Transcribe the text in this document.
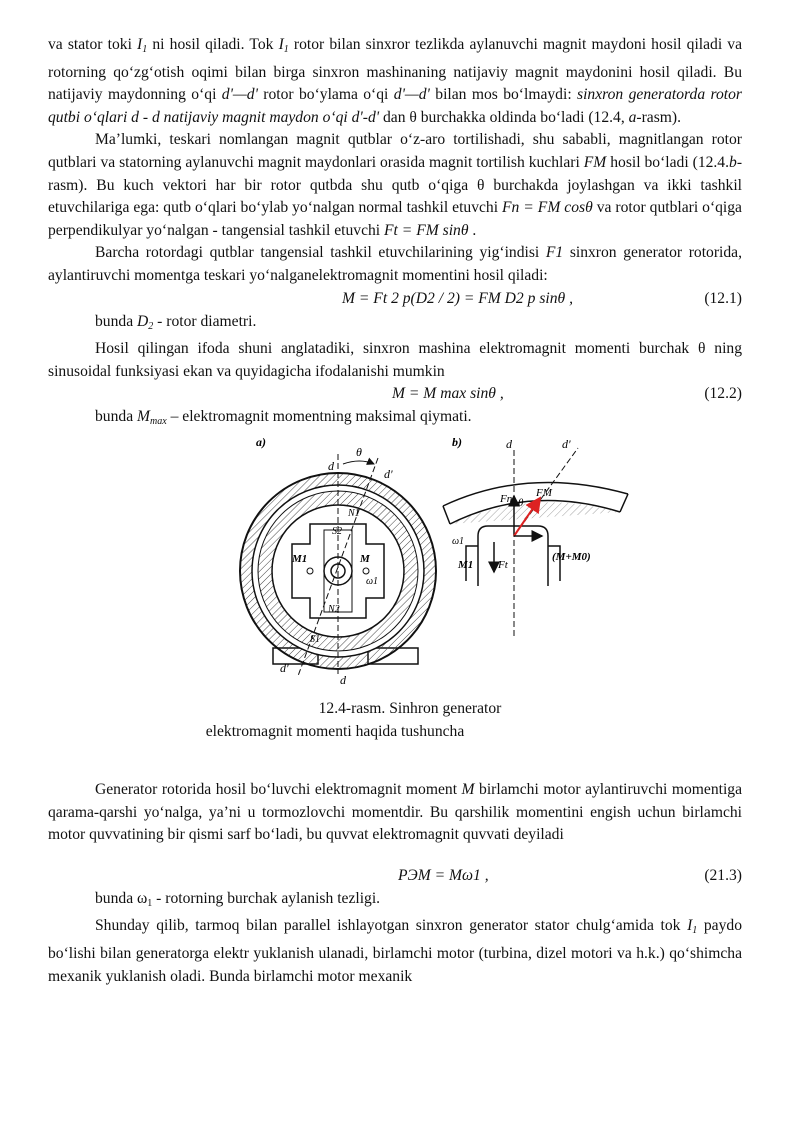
va stator toki $I_1$ ni hosil qiladi. Tok $I_1$ rotor bilan sinxror tezlikda aylanuvchi magnit maydoni hosil qiladi va rotorning qo‘zg‘otish oqimi bilan birga sinxron mashinaning natijaviy magnit maydonini hosil qiladi. Bu natijaviy maydonning o‘qi d'—d' rotor bo‘ylama o‘qi d'—d' bilan mos bo‘lmaydi: sinxron generatorda rotor qutbi o‘qlari d - d natijaviy magnit maydon o‘qi d'-d' dan θ burchakka oldinda bo‘ladi (12.4, a-rasm).

Ma’lumki, teskari nomlangan magnit qutblar o‘z-aro tortilishadi, shu sababli, magnitlangan rotor qutblari va statorning aylanuvchi magnit maydonlari orasida magnit tortilish kuchlari FM hosil bo‘ladi (12.4.b-rasm). Bu kuch vektori har bir rotor qutbda shu qutb o‘qiga θ burchakda joylashgan va ikki tashkil etuvchilariga ega: qutb o‘qlari bo‘ylab yo‘nalgan normal tashkil etuvchi Fn = FM cosθ va rotor qutblari o‘qiga perpendikulyar yo‘nalgan - tangensial tashkil etuvchi Ft = FM sinθ .

Barcha rotordagi qutblar tangensial tashkil etuvchilarining yig‘indisi F1 sinxron generator rotorida, aylantiruvchi momentga teskari yo‘nalganelektromagnit momentini hosil qiladi:

M = Ft 2 p(D2 / 2) = FM D2 p sinθ ,	(12.1)

bunda $D_2$ - rotor diametri.

Hosil qilingan ifoda shuni anglatadiki, sinxron mashina elektromagnit momenti burchak θ ning sinusoidal funksiyasi ekan va quyidagicha ifodalanishi mumkin

M = M max sinθ ,	(12.2)

bunda $M_{max}$ – elektromagnit momentning maksimal qiymati.

a)
d
d'
θ
N1
S2
N2
S1
M1	M
ω1
d'
d
b)	d'
d
Fn FM
θ
ω1
M1 Ft
(M+M0)

12.4-rasm. Sinhron generator

elektromagnit momenti haqida tushuncha

Generator rotorida hosil bo‘luvchi elektromagnit moment M birlamchi motor aylantiruvchi momentiga qarama-qarshi yo‘nalga, ya’ni u tormozlovchi momentdir. Bu qarshilik momentini engish uchun birlamchi motor quvvatining bir qismi sarf bo‘ladi, bu quvvat elektromagnit quvvati deyiladi

PЭМ = Mω1 ,	(21.3)

bunda $\omega_1$ - rotorning burchak aylanish tezligi.

Shunday qilib, tarmoq bilan parallel ishlayotgan sinxron generator stator chulg‘amida tok $I_1$ paydo bo‘lishi bilan generatorga elektr yuklanish ulanadi, birlamchi motor (turbina, dizel motori va h.k.) qo‘shimcha mexanik yuklanish oladi. Bunda birlamchi motor mexanik
